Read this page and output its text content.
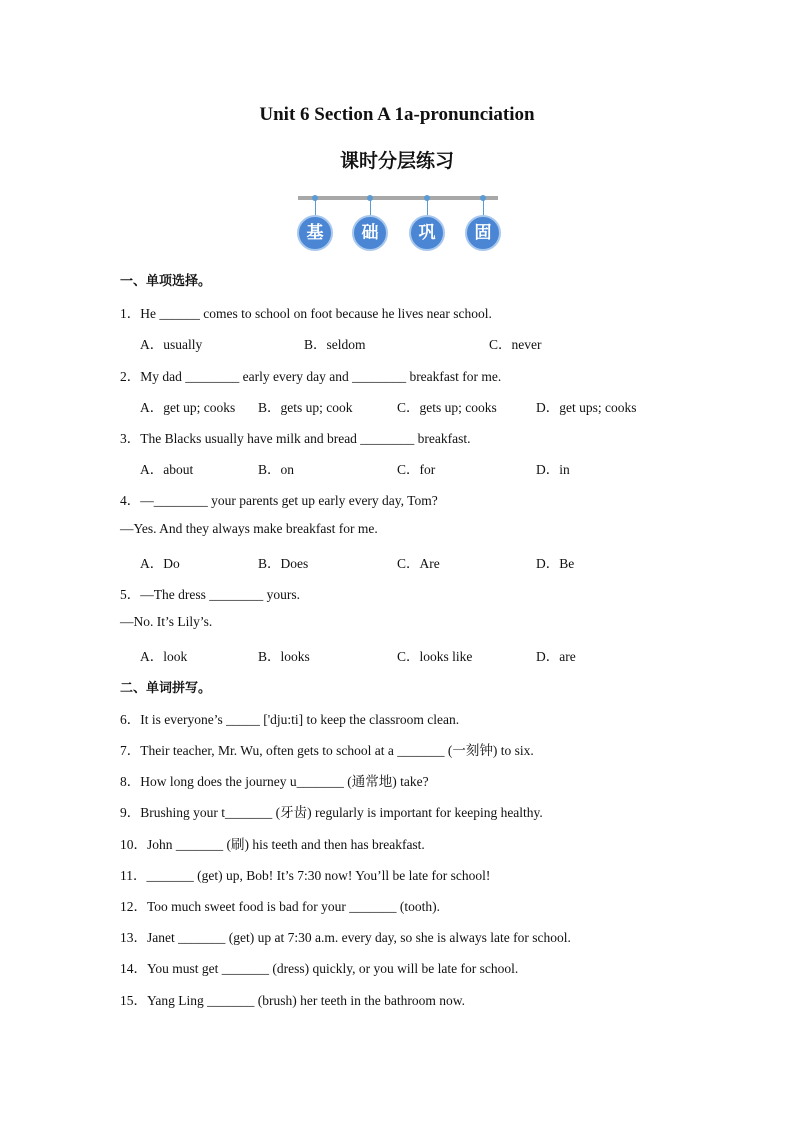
Unit 6 Section A 1a-pronunciation
课时分层练习
基	础	巩	固
一、单项选择。
1．He ______ comes to school on foot because he lives near school.
A．usually	B．seldom	C．never
2．My dad ________ early every day and ________ breakfast for me.
A．get up; cooks B．gets up; cook	C．gets up; cooks	D．get ups; cooks
3．The Blacks usually have milk and bread ________ breakfast.
A．about	B．on	C．for	D．in
4．—________ your parents get up early every day, Tom?
—Yes. And they always make breakfast for me.
A．Do	B．Does	C．Are	D．Be
5．—The dress ________ yours.
—No. It’s Lily’s.
A．look	B．looks	C．looks like	D．are
二、单词拼写。
6．It is everyone’s _____ ['dju:ti] to keep the classroom clean.
7．Their teacher, Mr. Wu, often gets to school at a _______ (一刻钟) to six.
8．How long does the journey u_______ (通常地) take?
9．Brushing your t_______ (牙齿) regularly is important for keeping healthy.
10．John _______ (刷) his teeth and then has breakfast.
11．_______ (get) up, Bob! It’s 7:30 now! You’ll be late for school!
12．Too much sweet food is bad for your _______ (tooth).
13．Janet _______ (get) up at 7:30 a.m. every day, so she is always late for school.
14．You must get _______ (dress) quickly, or you will be late for school.
15．Yang Ling _______ (brush) her teeth in the bathroom now.
